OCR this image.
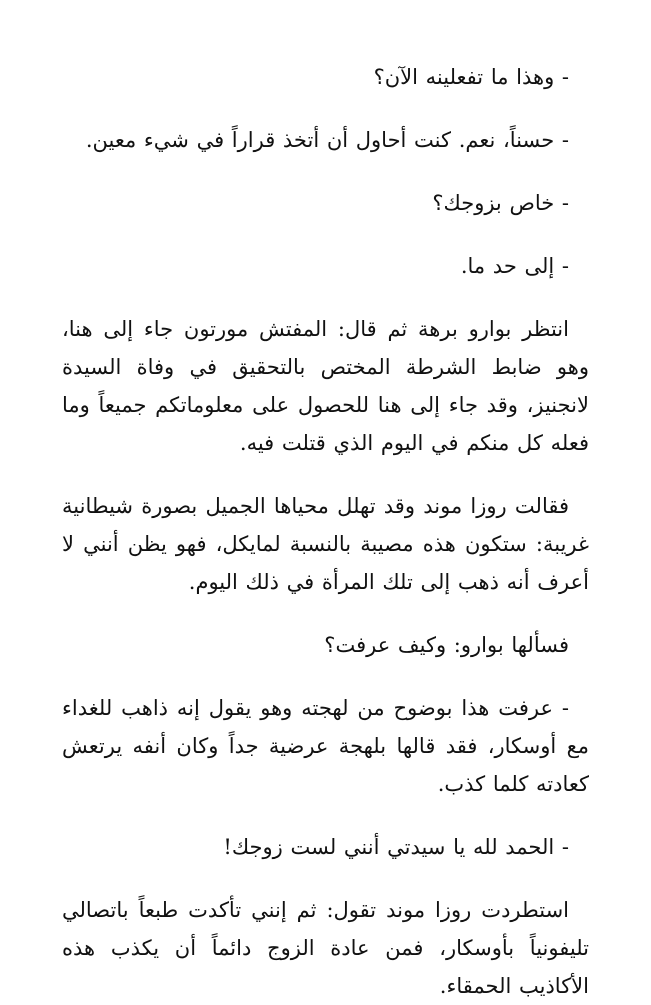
- وهذا ما تفعلينه الآن؟

- حسناً، نعم. كنت أحاول أن أتخذ قراراً في شيء معين.

- خاص بزوجك؟

- إلى حد ما.

انتظر بوارو برهة ثم قال: المفتش مورتون جاء إلى هنا، وهو ضابط الشرطة المختص بالتحقيق في وفاة السيدة لانجنيز، وقد جاء إلى هنا للحصول على معلوماتكم جميعاً وما فعله كل منكم في اليوم الذي قتلت فيه.

فقالت روزا موند وقد تهلل محياها الجميل بصورة شيطانية غريبة: ستكون هذه مصيبة بالنسبة لمايكل، فهو يظن أنني لا أعرف أنه ذهب إلى تلك المرأة في ذلك اليوم.

فسألها بوارو: وكيف عرفت؟

- عرفت هذا بوضوح من لهجته وهو يقول إنه ذاهب للغداء مع أوسكار، فقد قالها بلهجة عرضية جداً وكان أنفه يرتعش كعادته كلما كذب.

- الحمد لله يا سيدتي أنني لست زوجك!

استطردت روزا موند تقول: ثم إنني تأكدت طبعاً باتصالي تليفونياً بأوسكار، فمن عادة الزوج دائماً أن يكذب هذه الأكاذيب الحمقاء.
